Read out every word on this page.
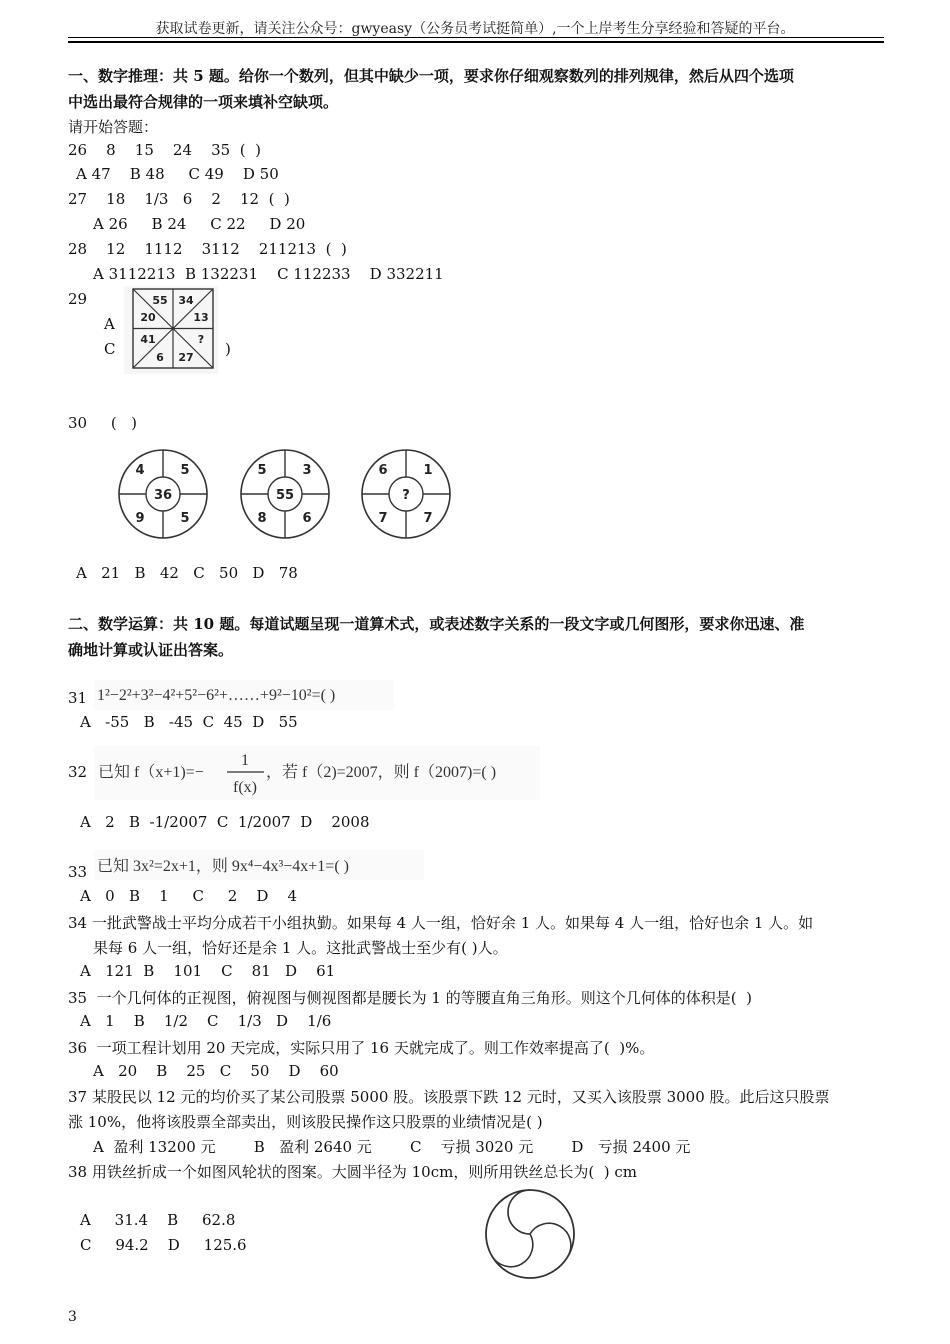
获取试卷更新，请关注公众号：gwyeasy（公务员考试挺简单）,一个上岸考生分享经验和答疑的平台。
一、数字推理：共 5 题。给你一个数列，但其中缺少一项，要求你仔细观察数列的排列规律，然后从四个选项
中选出最符合规律的一项来填补空缺项。
请开始答题：
26    8    15    24    35  (  )
A 47    B 48     C 49    D 50
27    18    1/3   6    2    12  (  )
A 26     B 24     C 22     D 20
28    12    1112    3112    211213  (  )
A 3112213  B 132231    C 112233    D 332211
29
A
C	)
55 34
20	13
41	?
6 27
30     (   )
4	5
9	5
36
5	3
8	6
55
6	1
7	7
?
A   21   B   42   C   50   D   78
二、数学运算：共 10 题。每道试题呈现一道算术式，或表述数字关系的一段文字或几何图形，要求你迅速、准
确地计算或认证出答案。
31 1²−2²+3²−4²+5²−6²+……+9²−10²=( )
A   -55   B   -45  C  45  D   55
32 已知 f（x+1)=−
1
f(x)
，若 f（2)=2007，则 f（2007)=( )
A   2   B  -1/2007  C  1/2007  D    2008
33 已知 3x²=2x+1，则 9x⁴−4x³−4x+1=( )
A   0   B    1     C     2    D    4
34 一批武警战士平均分成若干小组执勤。如果每 4 人一组，恰好余 1 人。如果每 4 人一组，恰好也余 1 人。如
果每 6 人一组，恰好还是余 1 人。这批武警战士至少有( )人。
A   121  B    101    C    81   D    61
35  一个几何体的正视图，俯视图与侧视图都是腰长为 1 的等腰直角三角形。则这个几何体的体积是(  )
A   1    B    1/2    C    1/3   D    1/6
36  一项工程计划用 20 天完成，实际只用了 16 天就完成了。则工作效率提高了(  )%。
A   20    B    25   C    50    D    60
37 某股民以 12 元的均价买了某公司股票 5000 股。该股票下跌 12 元时，又买入该股票 3000 股。此后这只股票
涨 10%，他将该股票全部卖出，则该股民操作这只股票的业绩情况是( )
A  盈利 13200 元        B   盈利 2640 元        C    亏损 3020 元        D   亏损 2400 元
38 用铁丝折成一个如图风轮状的图案。大圆半径为 10cm，则所用铁丝总长为(  ) cm
A     31.4    B     62.8
C     94.2    D     125.6
3
